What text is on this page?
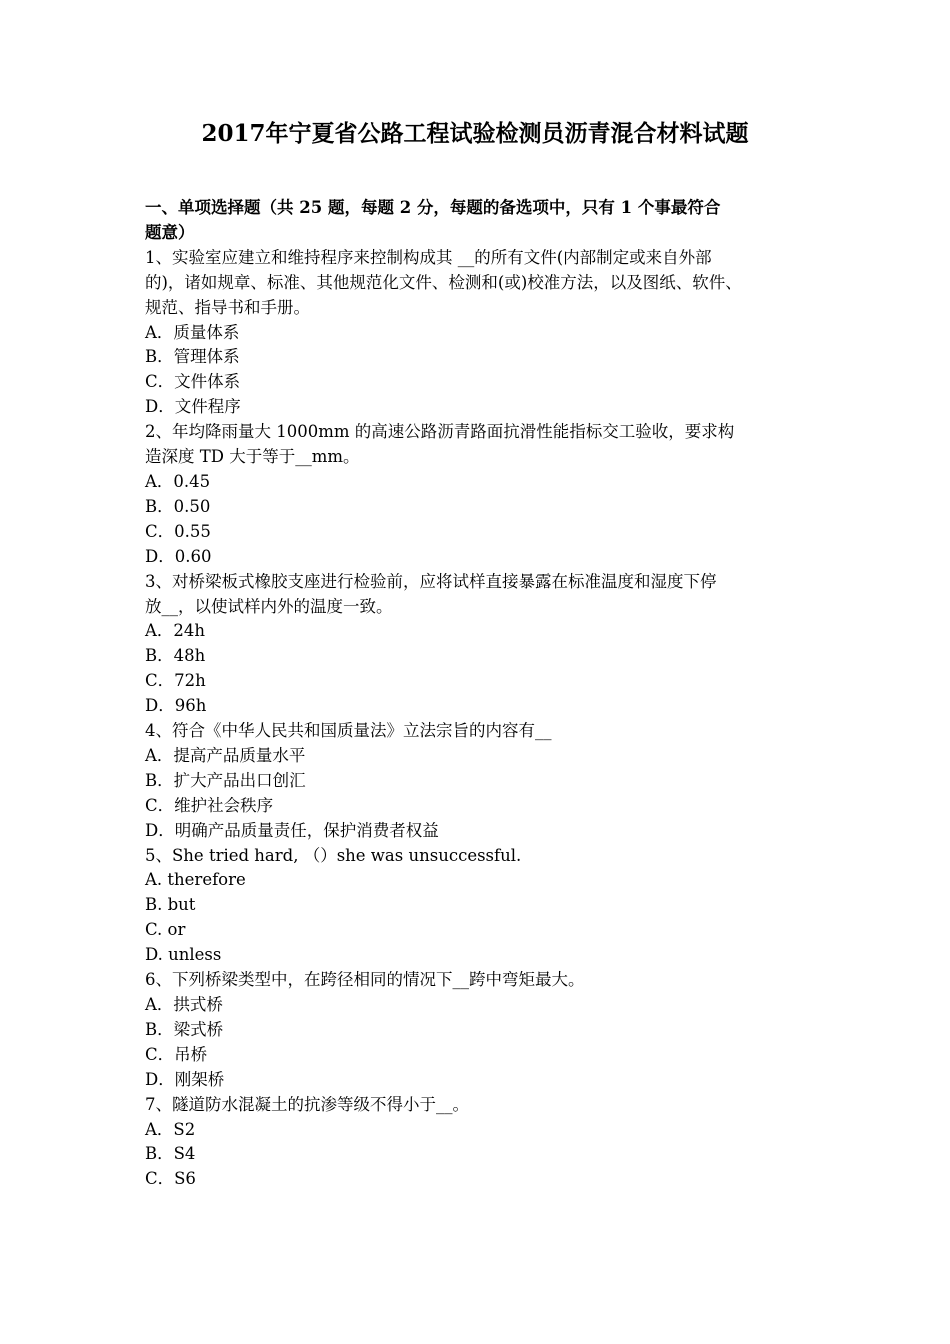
2017年宁夏省公路工程试验检测员沥青混合材料试题
一、单项选择题（共 25 题，每题 2 分，每题的备选项中，只有 1 个事最符合
题意）
1、实验室应建立和维持程序来控制构成其 __的所有文件(内部制定或来自外部
的)，诸如规章、标准、其他规范化文件、检测和(或)校准方法，以及图纸、软件、
规范、指导书和手册。
A．质量体系
B．管理体系
C．文件体系
D．文件程序
2、年均降雨量大 1000mm 的高速公路沥青路面抗滑性能指标交工验收，要求构
造深度 TD 大于等于__mm。
A．0.45
B．0.50
C．0.55
D．0.60
3、对桥梁板式橡胶支座进行检验前，应将试样直接暴露在标准温度和湿度下停
放__，以使试样内外的温度一致。
A．24h
B．48h
C．72h
D．96h
4、符合《中华人民共和国质量法》立法宗旨的内容有__
A．提高产品质量水平
B．扩大产品出口创汇
C．维护社会秩序
D．明确产品质量责任，保护消费者权益
5、She tried hard, （）she was unsuccessful.
A. therefore
B. but
C. or
D. unless
6、下列桥梁类型中，在跨径相同的情况下__跨中弯矩最大。
A．拱式桥
B．梁式桥
C．吊桥
D．刚架桥
7、隧道防水混凝土的抗渗等级不得小于__。
A．S2
B．S4
C．S6
